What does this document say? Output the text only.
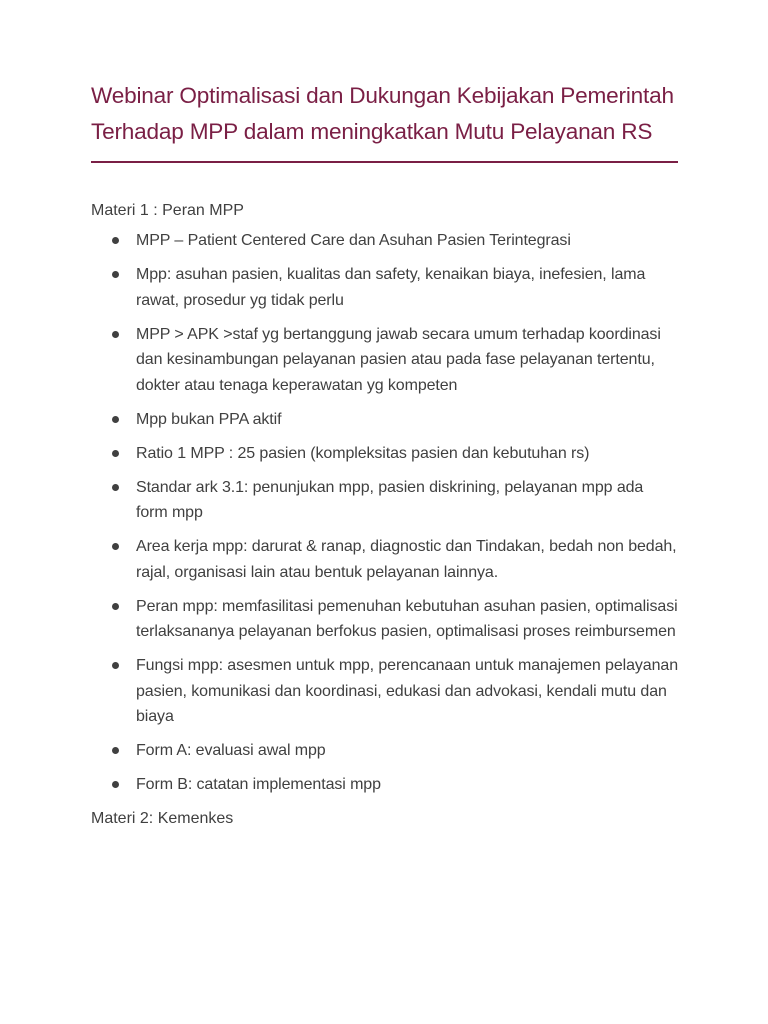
Webinar Optimalisasi dan Dukungan Kebijakan Pemerintah Terhadap MPP dalam meningkatkan Mutu Pelayanan RS
Materi 1 : Peran MPP
MPP – Patient Centered Care dan Asuhan Pasien Terintegrasi
Mpp: asuhan pasien, kualitas dan safety, kenaikan biaya, inefesien, lama rawat, prosedur yg tidak perlu
MPP > APK >staf yg bertanggung jawab secara umum terhadap koordinasi dan kesinambungan pelayanan pasien atau pada fase pelayanan tertentu, dokter atau tenaga keperawatan yg kompeten
Mpp bukan PPA aktif
Ratio 1 MPP : 25 pasien (kompleksitas pasien dan kebutuhan rs)
Standar ark 3.1: penunjukan mpp, pasien diskrining, pelayanan mpp ada form mpp
Area kerja mpp: darurat & ranap, diagnostic dan Tindakan, bedah non bedah, rajal, organisasi lain atau bentuk pelayanan lainnya.
Peran mpp: memfasilitasi pemenuhan kebutuhan asuhan pasien, optimalisasi terlaksananya pelayanan berfokus pasien, optimalisasi proses reimbursemen
Fungsi mpp: asesmen untuk mpp, perencanaan untuk manajemen pelayanan pasien, komunikasi dan koordinasi, edukasi dan advokasi, kendali mutu dan biaya
Form A: evaluasi awal mpp
Form B: catatan implementasi mpp
Materi 2: Kemenkes
